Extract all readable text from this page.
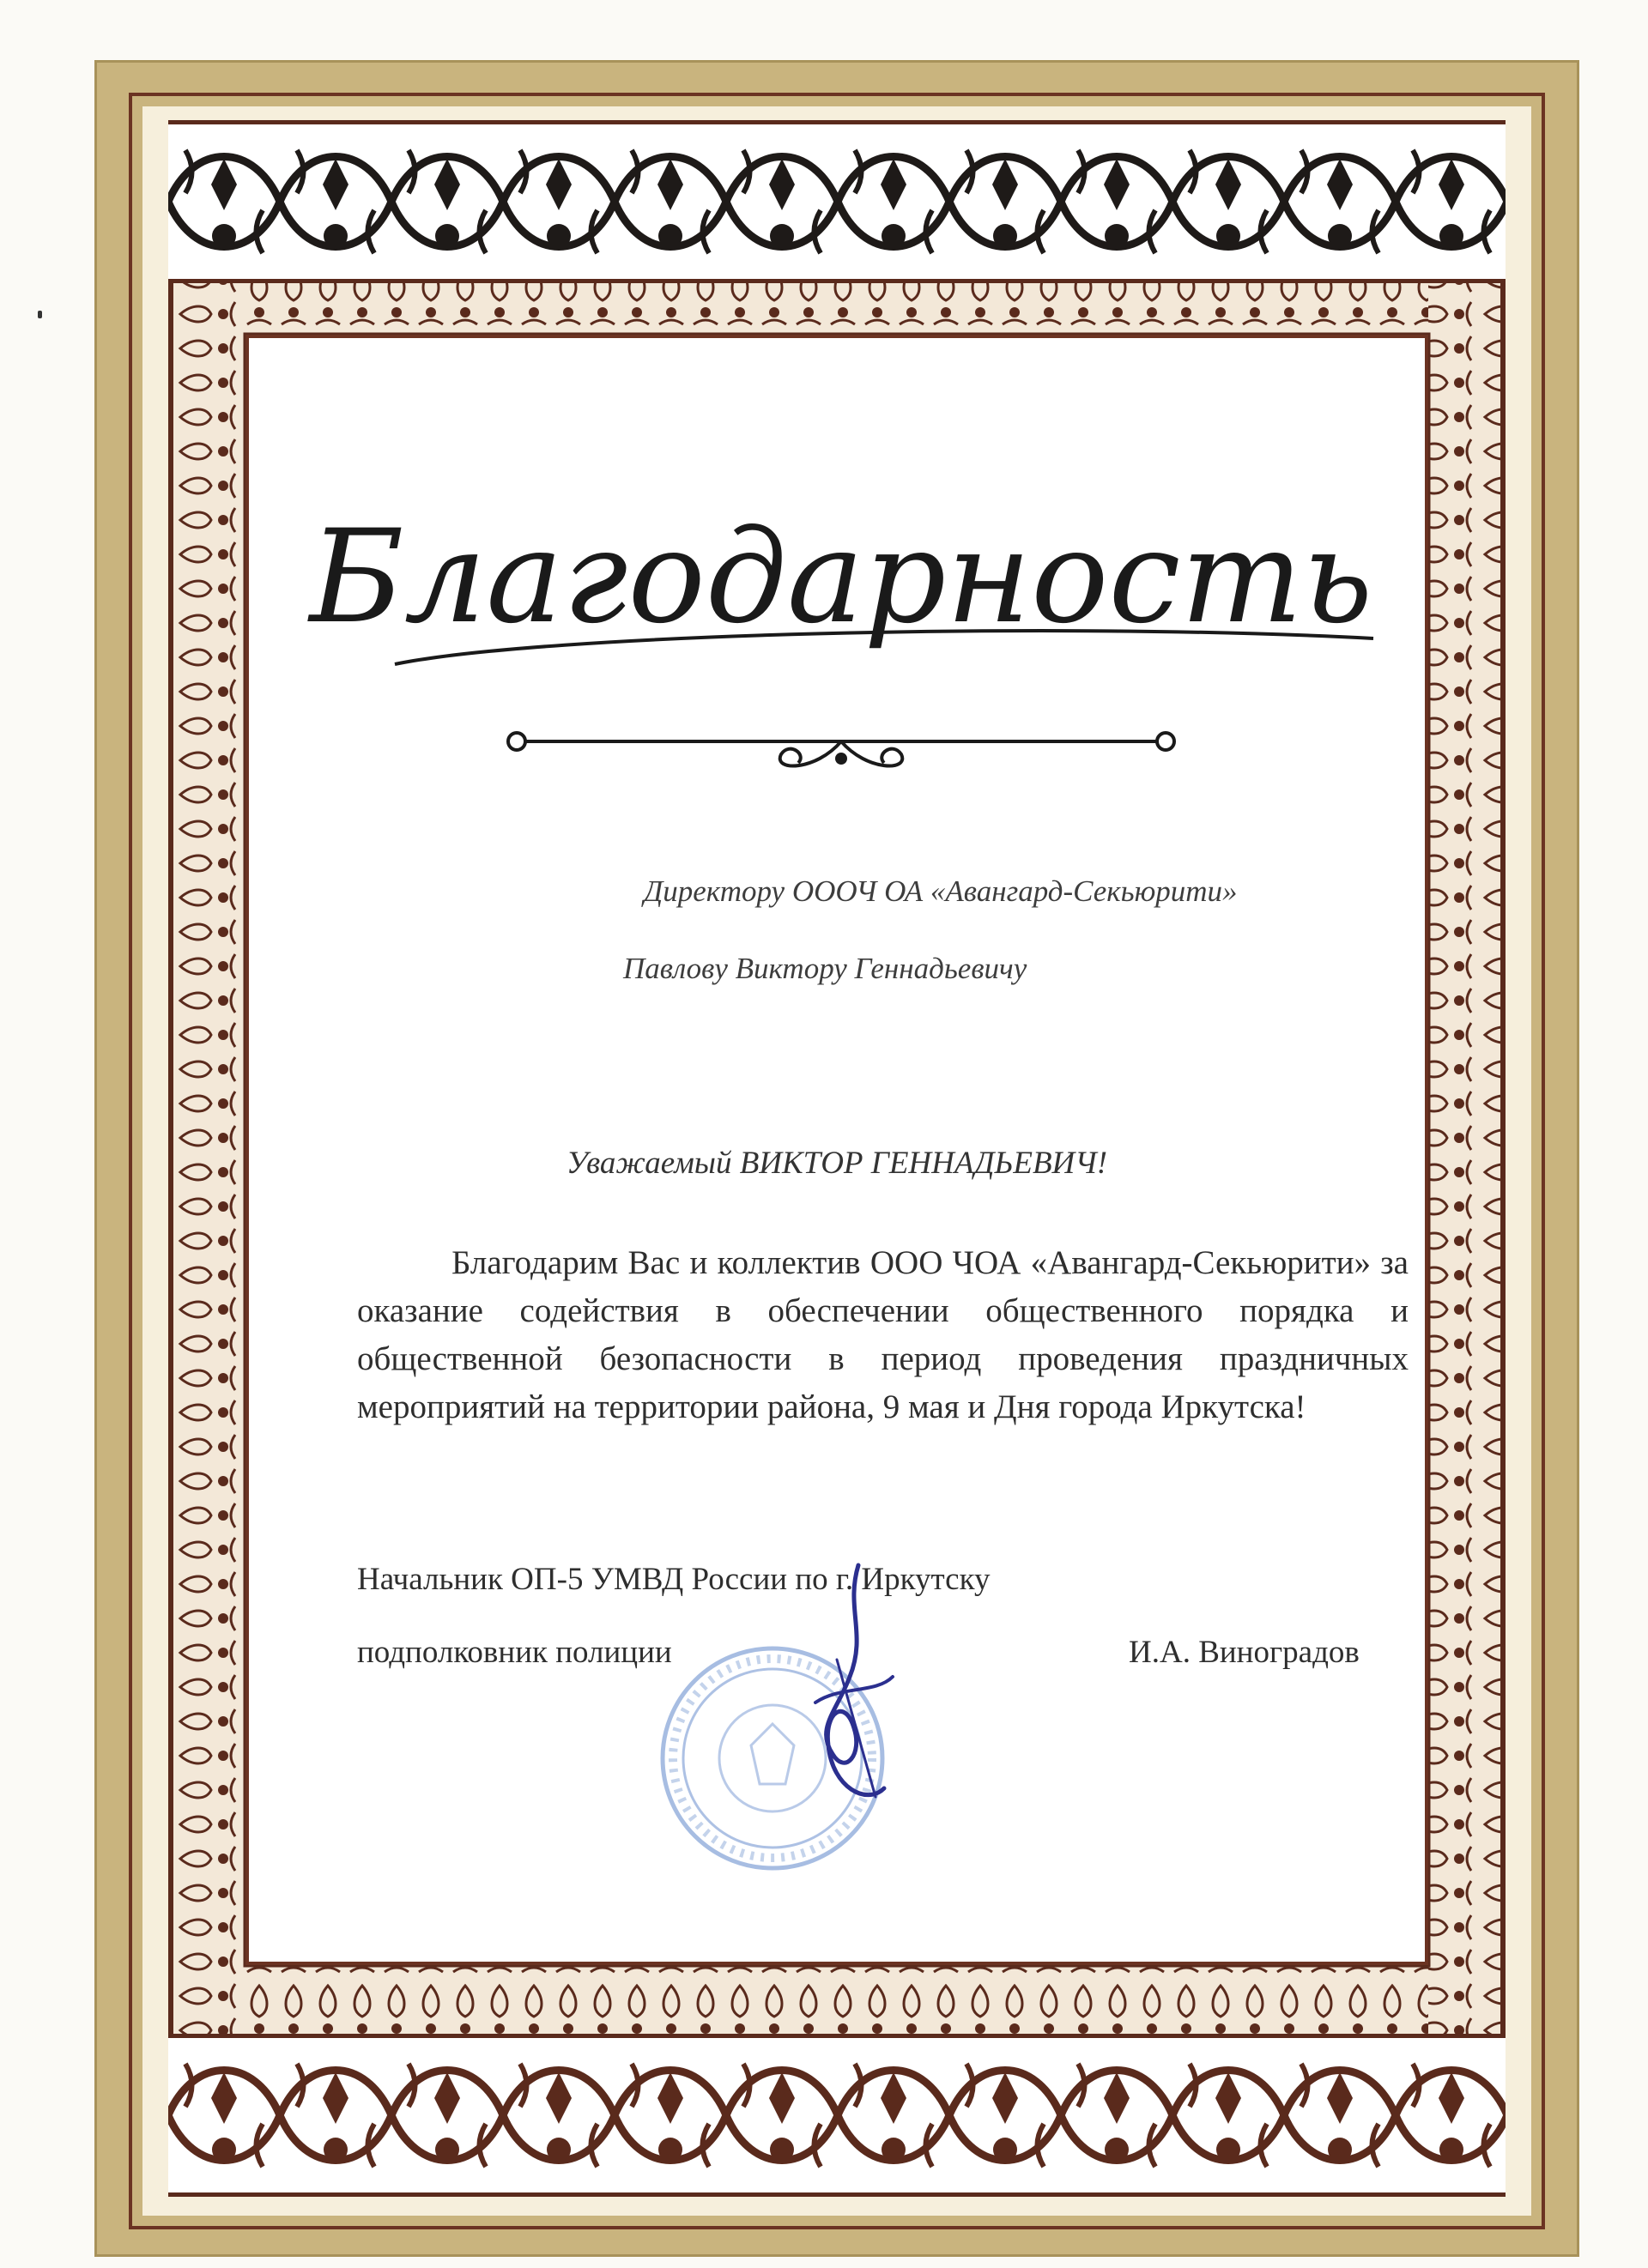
Благодарность
Директору ОООЧ ОА «Авангард-Секьюрити»
Павлову Виктору Геннадьевичу
Уважаемый ВИКТОР ГЕННАДЬЕВИЧ!

Благодарим Вас и коллектив ООО ЧОА «Авангард-Секьюрити» за оказание содействия в обеспечении общественного порядка и общественной безопасности в период проведения праздничных мероприятий на территории района, 9 мая и Дня города Иркутска!

Начальник ОП-5 УМВД России по г. Иркутску
подполковник полиции	И.А. Виноградов
